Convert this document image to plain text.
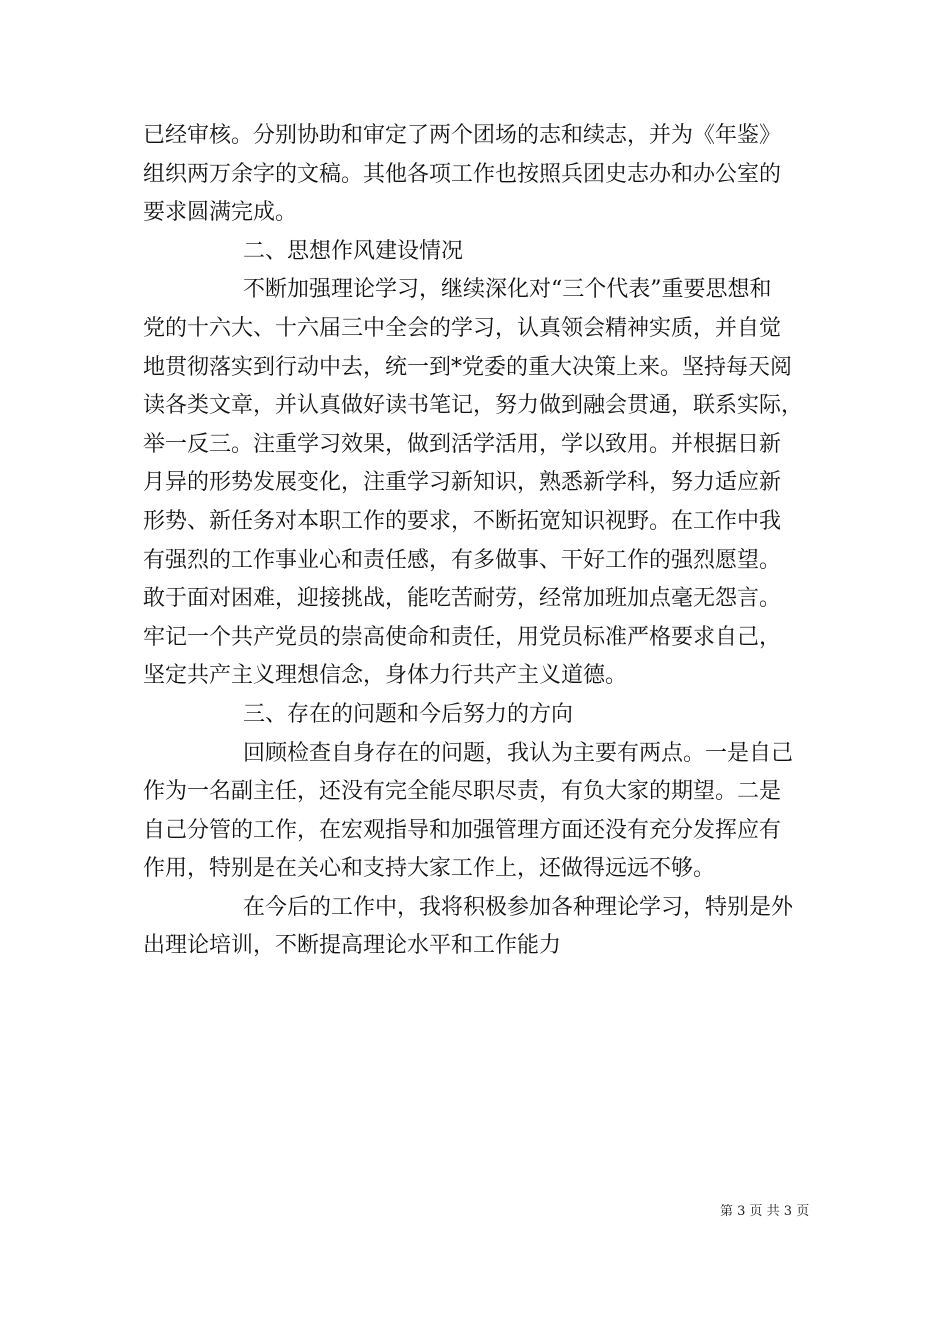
已经审核。分别协助和审定了两个团场的志和续志，并为《年鉴》
组织两万余字的文稿。其他各项工作也按照兵团史志办和办公室的
要求圆满完成。
二、思想作风建设情况
不断加强理论学习，继续深化对“三个代表”重要思想和
党的十六大、十六届三中全会的学习，认真领会精神实质，并自觉
地贯彻落实到行动中去，统一到*党委的重大决策上来。坚持每天阅
读各类文章，并认真做好读书笔记，努力做到融会贯通，联系实际，
举一反三。注重学习效果，做到活学活用，学以致用。并根据日新
月异的形势发展变化，注重学习新知识，熟悉新学科，努力适应新
形势、新任务对本职工作的要求，不断拓宽知识视野。在工作中我
有强烈的工作事业心和责任感，有多做事、干好工作的强烈愿望。
敢于面对困难，迎接挑战，能吃苦耐劳，经常加班加点毫无怨言。
牢记一个共产党员的崇高使命和责任，用党员标准严格要求自己，
坚定共产主义理想信念，身体力行共产主义道德。
三、存在的问题和今后努力的方向
回顾检查自身存在的问题，我认为主要有两点。一是自己
作为一名副主任，还没有完全能尽职尽责，有负大家的期望。二是
自己分管的工作，在宏观指导和加强管理方面还没有充分发挥应有
作用，特别是在关心和支持大家工作上，还做得远远不够。
在今后的工作中，我将积极参加各种理论学习，特别是外
出理论培训，不断提高理论水平和工作能力
第 3 页 共 3 页
